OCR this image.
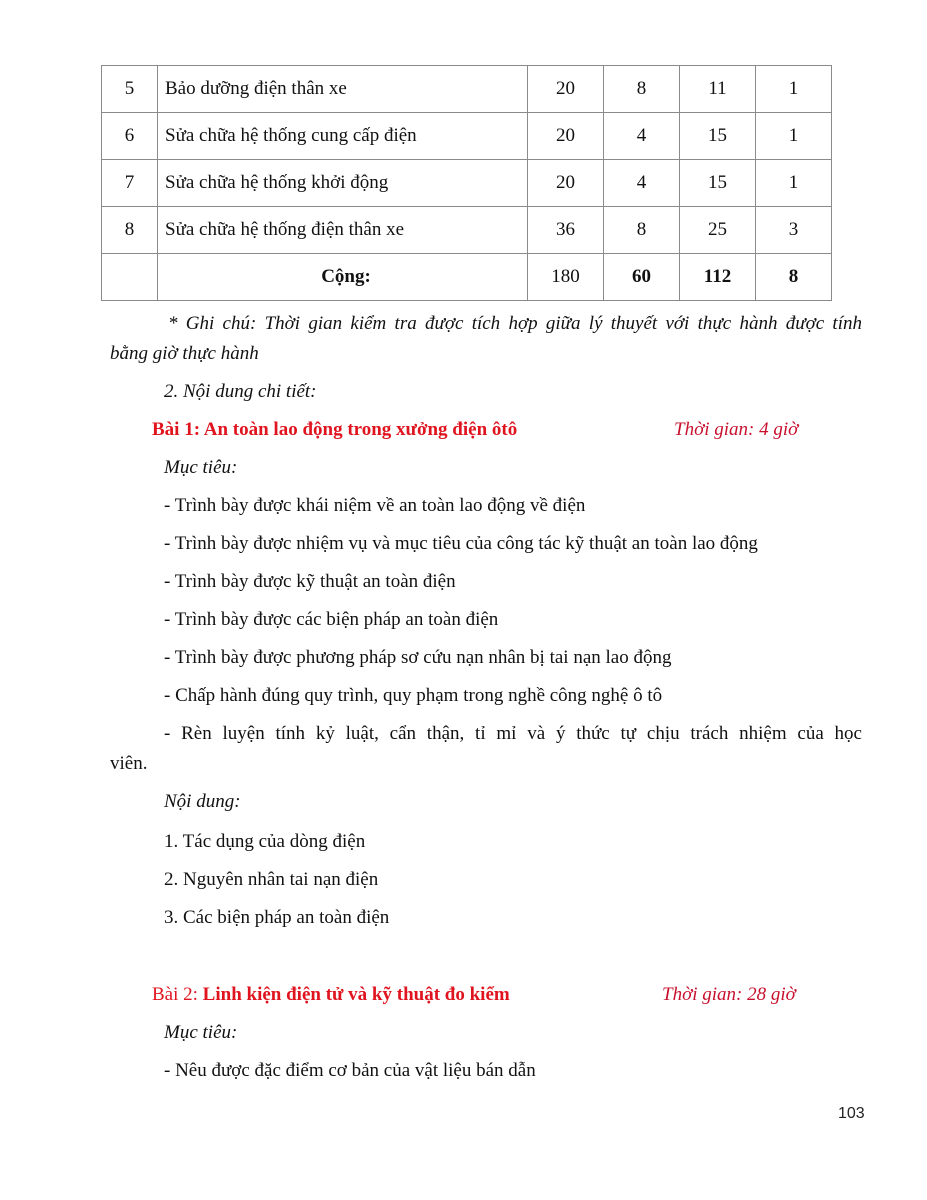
5	Bảo dưỡng điện thân xe	20	8	11	1
6	Sửa chữa hệ thống cung cấp điện	20	4	15	1
7	Sửa chữa hệ thống khởi động	20	4	15	1
8	Sửa chữa hệ thống điện thân xe	36	8	25	3
	Cộng:	180	60	112	8
* Ghi chú: Thời gian kiểm tra được tích hợp giữa lý thuyết với thực hành được tính
bằng giờ thực hành
2. Nội dung chi tiết:
Bài 1: An toàn lao động trong xưởng điện ôtô	Thời gian: 4 giờ
Mục tiêu:
- Trình bày được khái niệm về an toàn lao động về điện
- Trình bày được nhiệm vụ và mục tiêu của công tác kỹ thuật an toàn lao động
- Trình bày được kỹ thuật an toàn điện
- Trình bày được các biện pháp an toàn điện
- Trình bày được phương pháp sơ cứu nạn nhân bị tai nạn lao động
- Chấp hành đúng quy trình, quy phạm trong nghề công nghệ ô tô
- Rèn luyện tính kỷ luật, cẩn thận, tỉ mỉ và ý thức tự chịu trách nhiệm của học
viên.
Nội dung:
1. Tác dụng của dòng điện
2. Nguyên nhân tai nạn điện
3. Các biện pháp an toàn điện
Bài 2: Linh kiện điện tử và kỹ thuật đo kiểm	Thời gian: 28 giờ
Mục tiêu:
- Nêu được đặc điểm cơ bản của vật liệu bán dẫn
103
